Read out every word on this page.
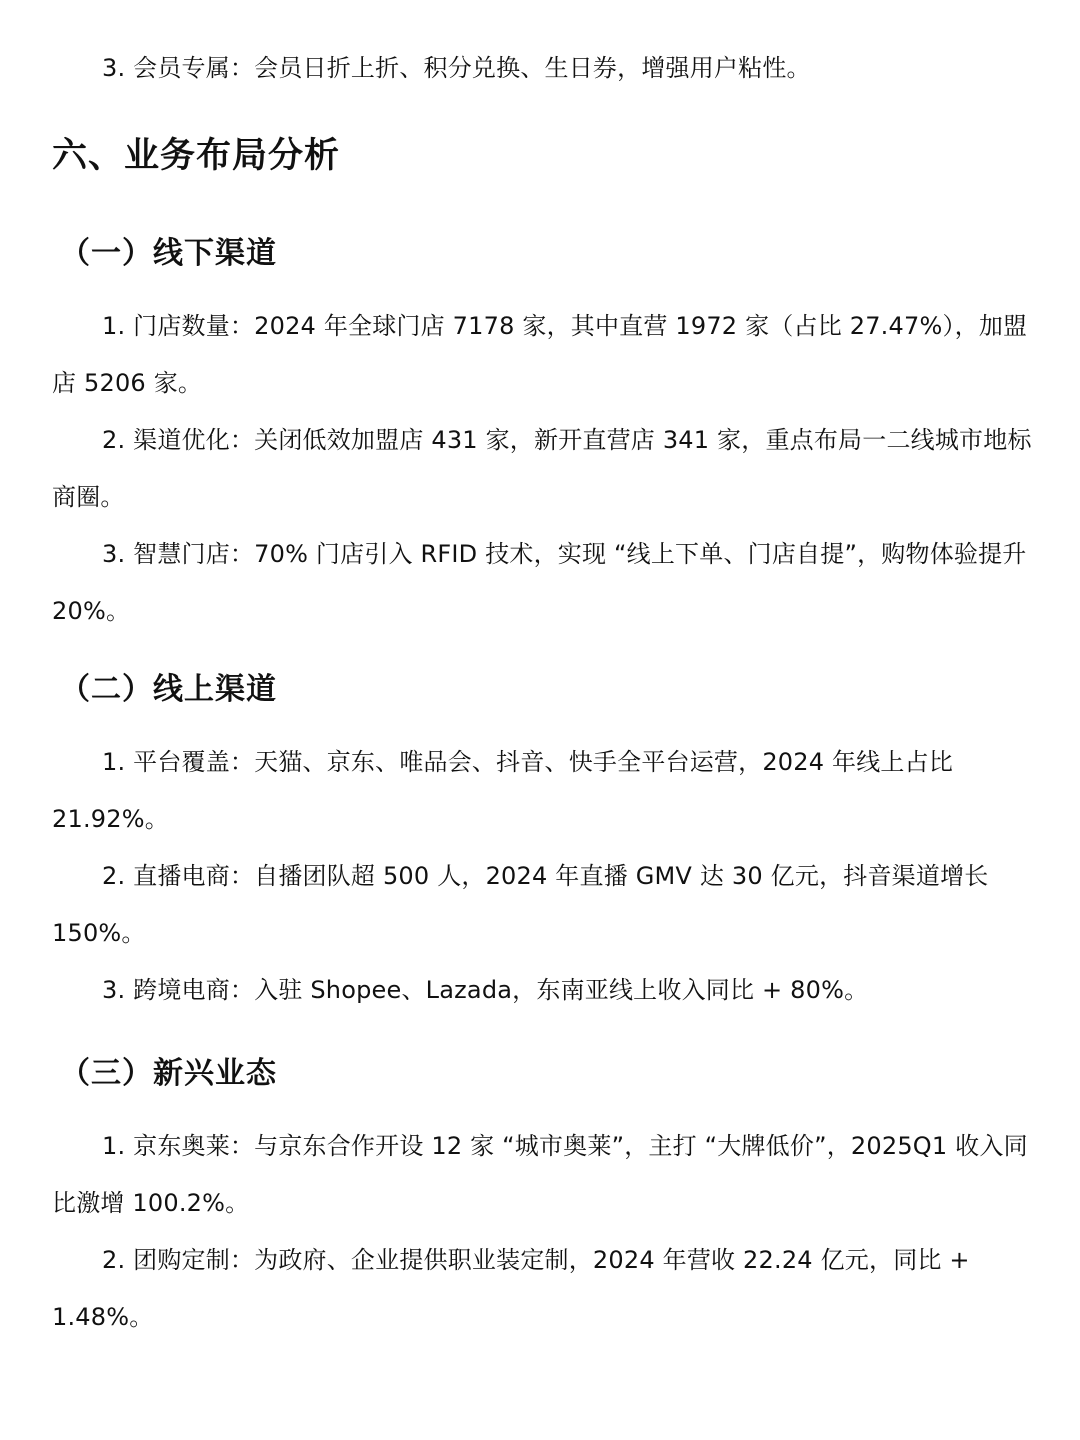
3. 会员专属：会员日折上折、积分兑换、生日券，增强用户粘性。

六、业务布局分析
（一）线下渠道

1. 门店数量：2024 年全球门店 7178 家，其中直营 1972 家（占比 27.47%），加盟店 5206 家。

2. 渠道优化：关闭低效加盟店 431 家，新开直营店 341 家，重点布局一二线城市地标商圈。

3. 智慧门店：70% 门店引入 RFID 技术，实现 “线上下单、门店自提”，购物体验提升 20%。

（二）线上渠道

1. 平台覆盖：天猫、京东、唯品会、抖音、快手全平台运营，2024 年线上占比 21.92%。

2. 直播电商：自播团队超 500 人，2024 年直播 GMV 达 30 亿元，抖音渠道增长 150%。

3. 跨境电商：入驻 Shopee、Lazada，东南亚线上收入同比 + 80%。

（三）新兴业态

1. 京东奥莱：与京东合作开设 12 家 “城市奥莱”，主打 “大牌低价”，2025Q1 收入同比激增 100.2%。

2. 团购定制：为政府、企业提供职业装定制，2024 年营收 22.24 亿元，同比 + 1.48%。
